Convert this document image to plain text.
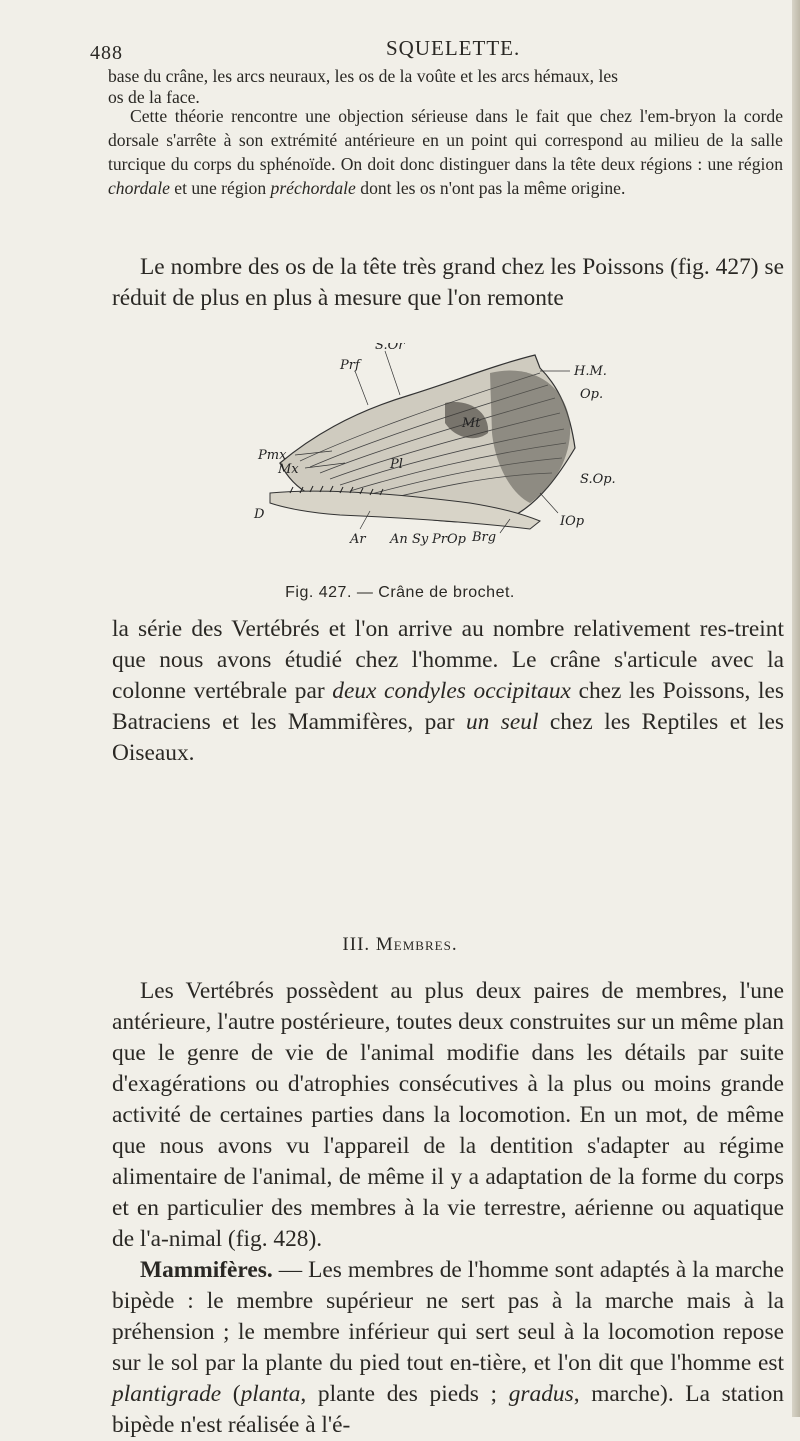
488	SQUELETTE.

base du crâne, les arcs neuraux, les os de la voûte et les arcs hémaux, les

os de la face.

Cette théorie rencontre une objection sérieuse dans le fait que chez l'em-bryon la corde dorsale s'arrête à son extrémité antérieure en un point qui correspond au milieu de la salle turcique du corps du sphénoïde. On doit donc distinguer dans la tête deux régions : une région chordale et une région préchordale dont les os n'ont pas la même origine.

Le nombre des os de la tête très grand chez les Poissons (fig. 427) se réduit de plus en plus à mesure que l'on remonte

S.Or
Prf	H.M.
Op.
Mt
Pmx
Mx	Pl
S.Op.
D
Ar An Sy PrOp Brg
IOp
Fig. 427. — Crâne de brochet.

la série des Vertébrés et l'on arrive au nombre relativement res-treint que nous avons étudié chez l'homme. Le crâne s'articule avec la colonne vertébrale par deux condyles occipitaux chez les Poissons, les Batraciens et les Mammifères, par un seul chez les Reptiles et les Oiseaux.

III. Membres.

Les Vertébrés possèdent au plus deux paires de membres, l'une antérieure, l'autre postérieure, toutes deux construites sur un même plan que le genre de vie de l'animal modifie dans les détails par suite d'exagérations ou d'atrophies consécutives à la plus ou moins grande activité de certaines parties dans la locomotion. En un mot, de même que nous avons vu l'appareil de la dentition s'adapter au régime alimentaire de l'animal, de même il y a adaptation de la forme du corps et en particulier des membres à la vie terrestre, aérienne ou aquatique de l'a-nimal (fig. 428).

Mammifères. — Les membres de l'homme sont adaptés à la marche bipède : le membre supérieur ne sert pas à la marche mais à la préhension ; le membre inférieur qui sert seul à la locomotion repose sur le sol par la plante du pied tout en-tière, et l'on dit que l'homme est plantigrade (planta, plante des pieds ; gradus, marche). La station bipède n'est réalisée à l'é-
